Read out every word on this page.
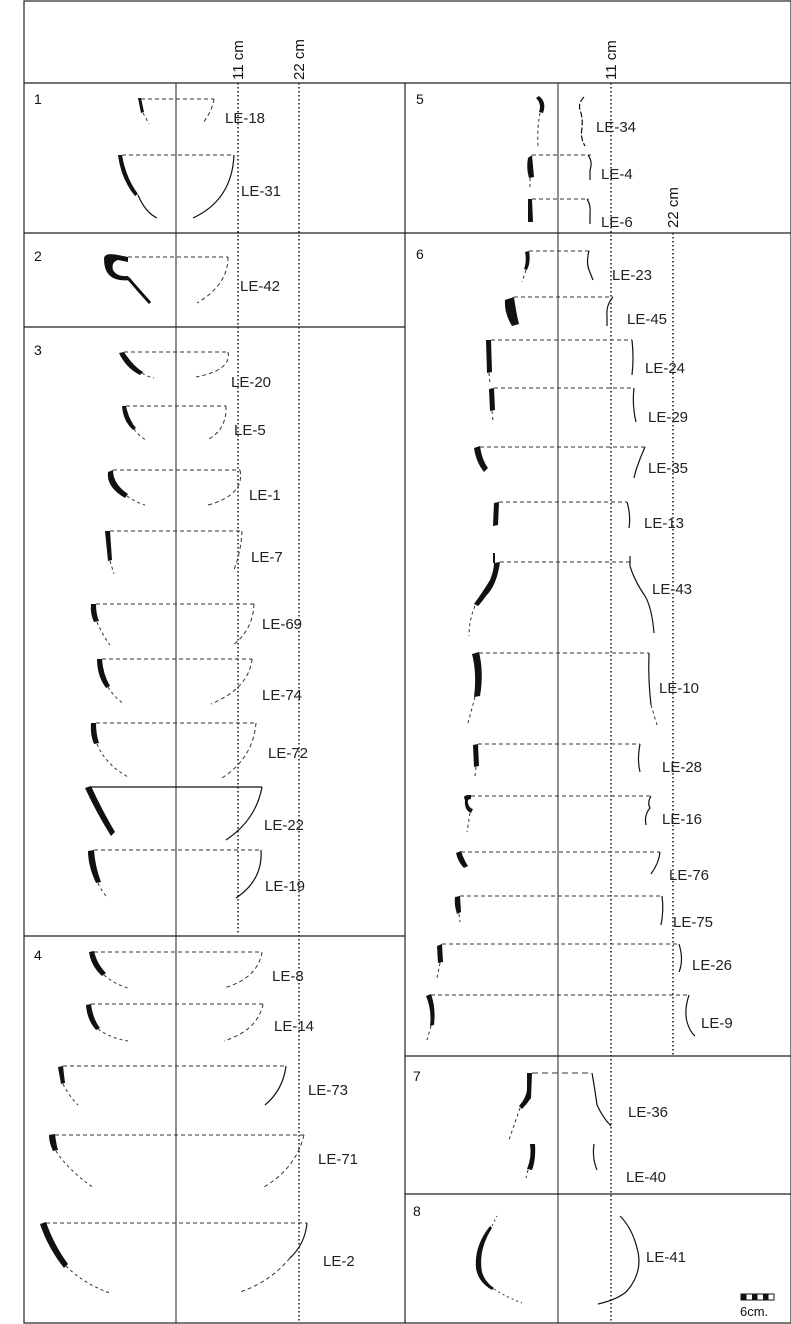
11 cm	22 cm	11 cm
22 cm
1
2
3
4
5
6
7
8
LE-18
LE-31
LE-42
LE-20
LE-5
LE-1
LE-7
LE-69
LE-74
LE-72
LE-22
LE-19
LE-8
LE-14
LE-73
LE-71
LE-2
LE-34
LE-4
LE-6
LE-23
LE-45
LE-24
LE-29
LE-35
LE-13
LE-43
LE-10
LE-28
LE-16
LE-76
LE-75
LE-26
LE-9
LE-36
LE-40
LE-41
6cm.
